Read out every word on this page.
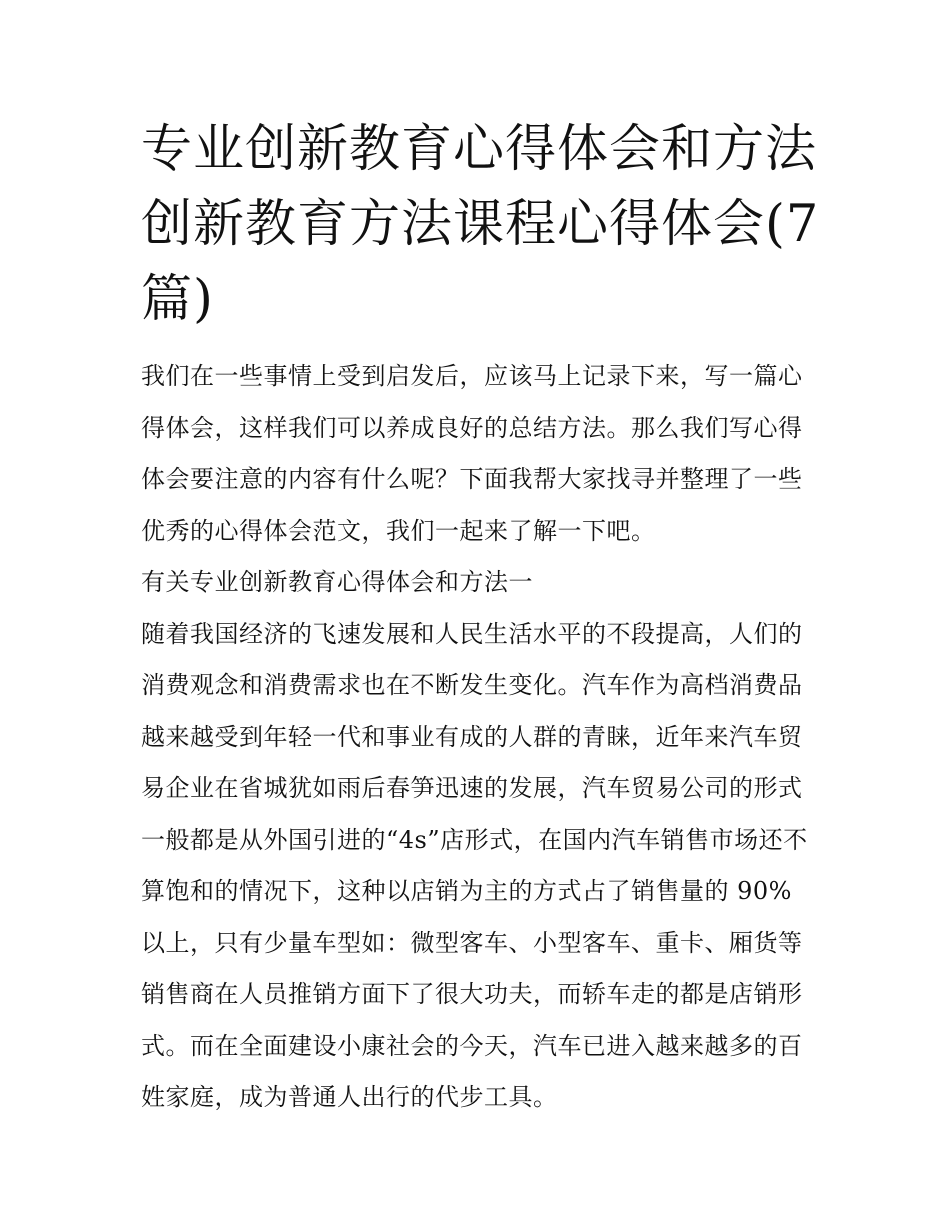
专业创新教育心得体会和方法
创新教育方法课程心得体会(7
篇)

我们在一些事情上受到启发后，应该马上记录下来，写一篇心
得体会，这样我们可以养成良好的总结方法。那么我们写心得
体会要注意的内容有什么呢？下面我帮大家找寻并整理了一些
优秀的心得体会范文，我们一起来了解一下吧。

有关专业创新教育心得体会和方法一

随着我国经济的飞速发展和人民生活水平的不段提高，人们的
消费观念和消费需求也在不断发生变化。汽车作为高档消费品
越来越受到年轻一代和事业有成的人群的青睐，近年来汽车贸
易企业在省城犹如雨后春笋迅速的发展，汽车贸易公司的形式
一般都是从外国引进的“4s”店形式，在国内汽车销售市场还不
算饱和的情况下，这种以店销为主的方式占了销售量的 90%
以上，只有少量车型如：微型客车、小型客车、重卡、厢货等
销售商在人员推销方面下了很大功夫，而轿车走的都是店销形
式。而在全面建设小康社会的今天，汽车已进入越来越多的百
姓家庭，成为普通人出行的代步工具。
